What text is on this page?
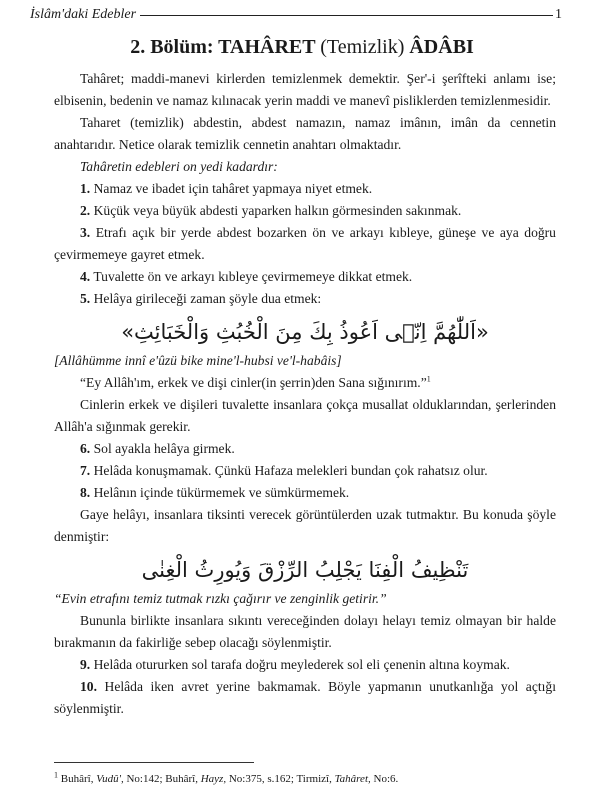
İslâm'daki Edebler	1
2. Bölüm: TAHÂRET (Temizlik) ÂDÂBI

Tahâret; maddi-manevi kirlerden temizlenmek demektir. Şer'-i şerîfteki anlamı ise; elbisenin, bedenin ve namaz kılınacak yerin maddi ve manevî pisliklerden temizlenmesidir.

Taharet (temizlik) abdestin, abdest namazın, namaz imânın, imân da cennetin anahtarıdır. Netice olarak temizlik cennetin anahtarı olmaktadır.

Tahâretin edebleri on yedi kadardır:

1. Namaz ve ibadet için tahâret yapmaya niyet etmek.

2. Küçük veya büyük abdesti yaparken halkın görmesinden sakınmak.

3. Etrafı açık bir yerde abdest bozarken ön ve arkayı kıbleye, güneşe ve aya doğru çevirmemeye gayret etmek.

4. Tuvalette ön ve arkayı kıbleye çevirmemeye dikkat etmek.

5. Helâya girileceği zaman şöyle dua etmek:

«اَللّٰهُمَّ اِنّٖى اَعُوذُ بِكَ مِنَ الْخُبُثِ وَالْخَبَائِثِ»

[Allâhümme innî e'ûzü bike mine'l-hubsi ve'l-habâis]

“Ey Allâh'ım, erkek ve dişi cinler(in şerrin)den Sana sığınırım.”$^1$

Cinlerin erkek ve dişileri tuvalette insanlara çokça musallat olduklarından, şerlerinden Allâh'a sığınmak gerekir.

6. Sol ayakla helâya girmek.

7. Helâda konuşmamak. Çünkü Hafaza melekleri bundan çok rahatsız olur.

8. Helânın içinde tükürmemek ve sümkürmemek.

Gaye helâyı, insanlara tiksinti verecek görüntülerden uzak tutmaktır. Bu konuda şöyle denmiştir:

تَنْظِيفُ الْفِنَا يَجْلِبُ الرِّزْقَ وَيُورِثُ الْغِنٰى

“Evin etrafını temiz tutmak rızkı çağırır ve zenginlik getirir.”

Bununla birlikte insanlara sıkıntı vereceğinden dolayı helayı temiz olmayan bir halde bırakmanın da fakirliğe sebep olacağı söylenmiştir.

9. Helâda otururken sol tarafa doğru meylederek sol eli çenenin altına koymak.

10. Helâda iken avret yerine bakmamak. Böyle yapmanın unutkanlığa yol açtığı söylenmiştir.

$^1$ Buhârî, Vudû', No:142; Buhârî, Hayz, No:375, s.162; Tirmizî, Tahâret, No:6.
